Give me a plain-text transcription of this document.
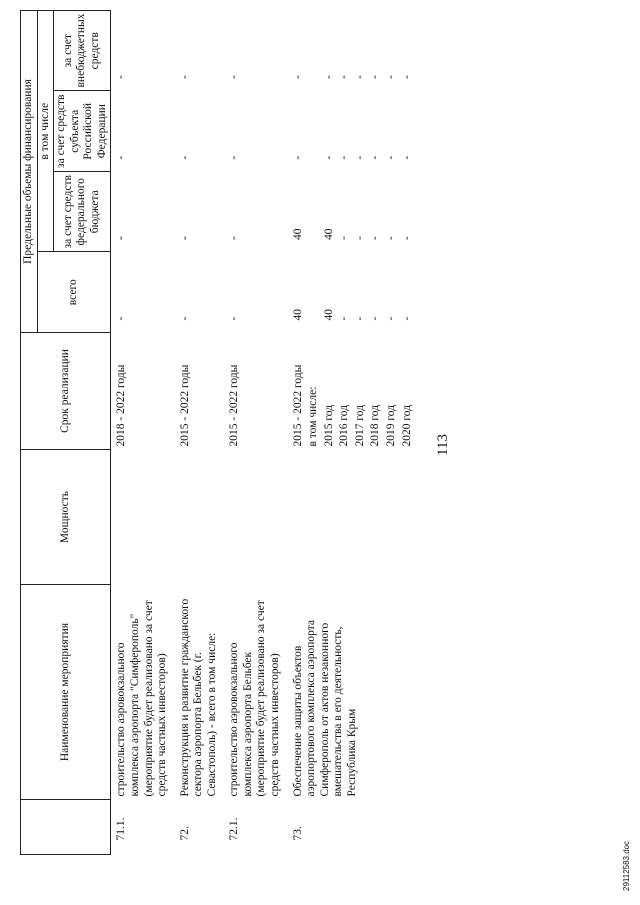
113
	Наименование мероприятия	Мощность	Срок реализации	Предельные объемы финансирования			
				всего	в том числе		
					за счет средств федерального бюджета	за счет средств субъекта Российской Федерации	за счет внебюджетных средств
71.1.	строительство аэровокзального комплекса аэропорта "Симферополь" (мероприятие будет реализовано за счет средств частных инвесторов)		2018 - 2022 годы	-	-	-	-
72.	Реконструкция и развитие гражданского сектора аэропорта Бельбек (г. Севастополь) - всего в том числе:		2015 - 2022 годы	-	-	-	-
72.1.	строительство аэровокзального комплекса аэропорта Бельбек (мероприятие будет реализовано за счет средств частных инвесторов)		2015 - 2022 годы	-	-	-	-
73.	Обеспечение защиты объектов аэропортового комплекса аэропорта Симферополь от актов незаконного вмешательства в его деятельность, Республика Крым		2015 - 2022 годы	40	40	-	-
			в том числе:				
			2015 год	40	40	-	-
			2016 год	-	-	-	-
			2017 год	-	-	-	-
			2018 год	-	-	-	-
			2019 год	-	-	-	-
			2020 год	-	-	-	-
29112583.doc
